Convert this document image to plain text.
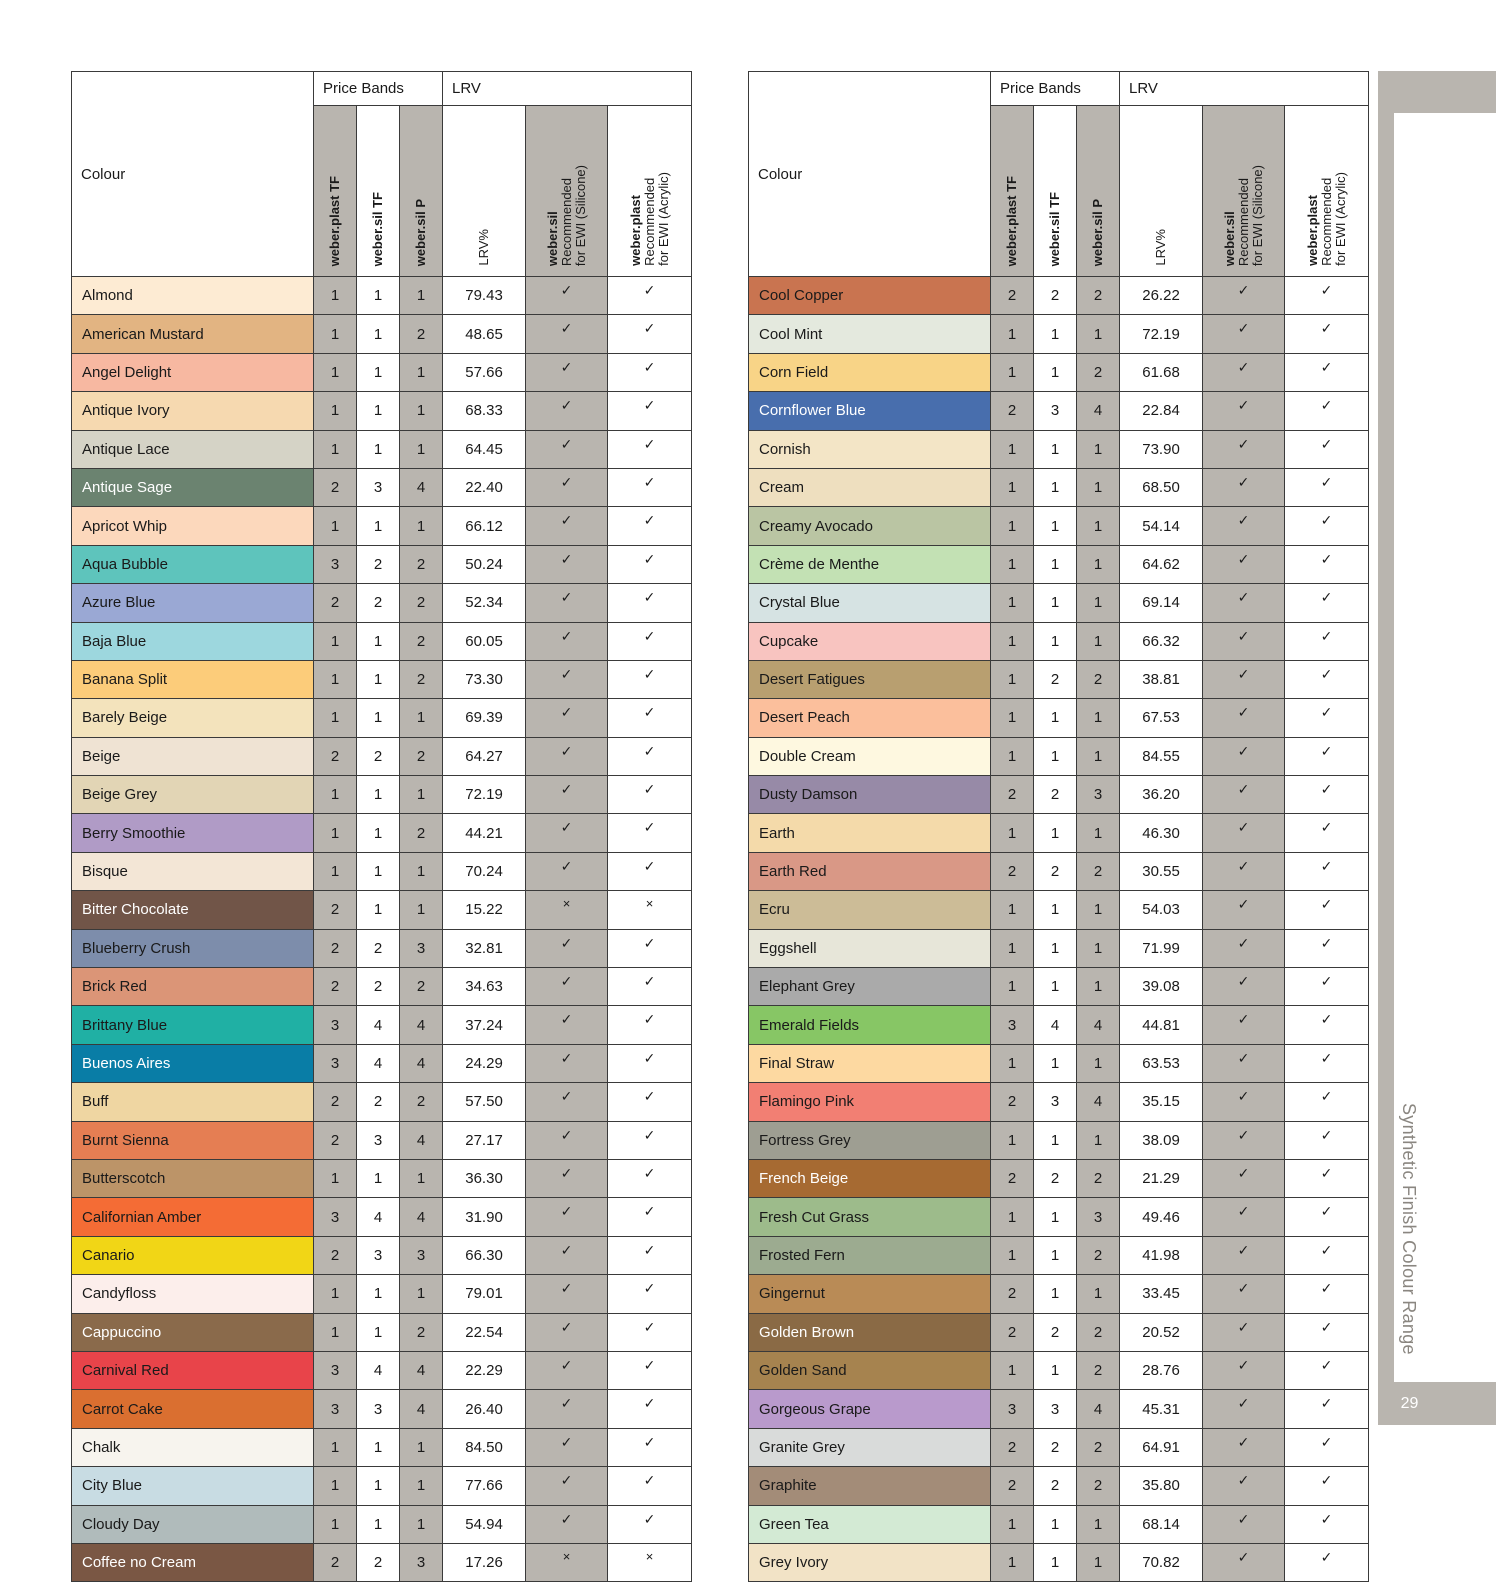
Colour	Price Bands			LRV		

	weber.plast TF	weber.sil TF	weber.sil P	LRV%	weber.sil
Recommended
for EWI (Silicone)	weber.plast
Recommended
for EWI (Acrylic)

Almond	1	1	1	79.43	✓	✓
American Mustard	1	1	2	48.65	✓	✓
Angel Delight	1	1	1	57.66	✓	✓
Antique Ivory	1	1	1	68.33	✓	✓
Antique Lace	1	1	1	64.45	✓	✓
Antique Sage	2	3	4	22.40	✓	✓
Apricot Whip	1	1	1	66.12	✓	✓
Aqua Bubble	3	2	2	50.24	✓	✓
Azure Blue	2	2	2	52.34	✓	✓
Baja Blue	1	1	2	60.05	✓	✓
Banana Split	1	1	2	73.30	✓	✓
Barely Beige	1	1	1	69.39	✓	✓
Beige	2	2	2	64.27	✓	✓
Beige Grey	1	1	1	72.19	✓	✓
Berry Smoothie	1	1	2	44.21	✓	✓
Bisque	1	1	1	70.24	✓	✓
Bitter Chocolate	2	1	1	15.22	×	×
Blueberry Crush	2	2	3	32.81	✓	✓
Brick Red	2	2	2	34.63	✓	✓
Brittany Blue	3	4	4	37.24	✓	✓
Buenos Aires	3	4	4	24.29	✓	✓
Buff	2	2	2	57.50	✓	✓
Burnt Sienna	2	3	4	27.17	✓	✓
Butterscotch	1	1	1	36.30	✓	✓
Californian Amber	3	4	4	31.90	✓	✓
Canario	2	3	3	66.30	✓	✓
Candyfloss	1	1	1	79.01	✓	✓
Cappuccino	1	1	2	22.54	✓	✓
Carnival Red	3	4	4	22.29	✓	✓
Carrot Cake	3	3	4	26.40	✓	✓
Chalk	1	1	1	84.50	✓	✓
City Blue	1	1	1	77.66	✓	✓
Cloudy Day	1	1	1	54.94	✓	✓
Coffee no Cream	2	2	3	17.26	×	×
Colour	Price Bands			LRV		

	weber.plast TF	weber.sil TF	weber.sil P	LRV%	weber.sil
Recommended
for EWI (Silicone)	weber.plast
Recommended
for EWI (Acrylic)

Cool Copper	2	2	2	26.22	✓	✓
Cool Mint	1	1	1	72.19	✓	✓
Corn Field	1	1	2	61.68	✓	✓
Cornflower Blue	2	3	4	22.84	✓	✓
Cornish	1	1	1	73.90	✓	✓
Cream	1	1	1	68.50	✓	✓
Creamy Avocado	1	1	1	54.14	✓	✓
Crème de Menthe	1	1	1	64.62	✓	✓
Crystal Blue	1	1	1	69.14	✓	✓
Cupcake	1	1	1	66.32	✓	✓
Desert Fatigues	1	2	2	38.81	✓	✓
Desert Peach	1	1	1	67.53	✓	✓
Double Cream	1	1	1	84.55	✓	✓
Dusty Damson	2	2	3	36.20	✓	✓
Earth	1	1	1	46.30	✓	✓
Earth Red	2	2	2	30.55	✓	✓
Ecru	1	1	1	54.03	✓	✓
Eggshell	1	1	1	71.99	✓	✓
Elephant Grey	1	1	1	39.08	✓	✓
Emerald Fields	3	4	4	44.81	✓	✓
Final Straw	1	1	1	63.53	✓	✓
Flamingo Pink	2	3	4	35.15	✓	✓
Fortress Grey	1	1	1	38.09	✓	✓
French Beige	2	2	2	21.29	✓	✓
Fresh Cut Grass	1	1	3	49.46	✓	✓
Frosted Fern	1	1	2	41.98	✓	✓
Gingernut	2	1	1	33.45	✓	✓
Golden Brown	2	2	2	20.52	✓	✓
Golden Sand	1	1	2	28.76	✓	✓
Gorgeous Grape	3	3	4	45.31	✓	✓
Granite Grey	2	2	2	64.91	✓	✓
Graphite	2	2	2	35.80	✓	✓
Green Tea	1	1	1	68.14	✓	✓
Grey Ivory	1	1	1	70.82	✓	✓
Synthetic Finish Colour Range
29
